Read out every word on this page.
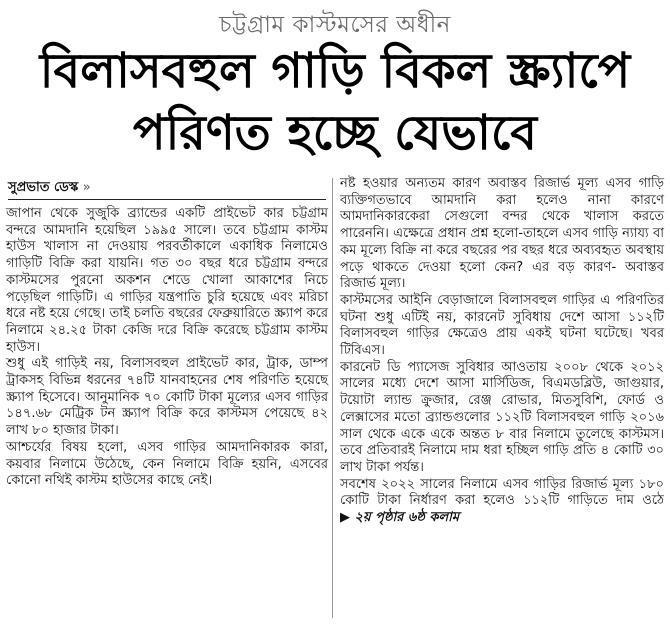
চট্টগ্রাম কাস্টমসের অধীন
বিলাসবহুল গাড়ি বিকল স্ক্র্যাপে
পরিণত হচ্ছে যেভাবে
সুপ্রভাত ডেস্ক »

জাপান থেকে সুজুকি ব্র্যান্ডের একটি প্রাইভেট কার চট্টগ্রাম বন্দরে আমদানি হয়েছিল ১৯৯৫ সালে। তবে চট্টগ্রাম কাস্টম হাউস খালাস না দেওয়ায় পরবর্তীকালে একাধিক নিলামেও গাড়িটি বিক্রি করা যায়নি। গত ৩০ বছর ধরে চট্টগ্রাম বন্দরে কাস্টমসের পুরনো অকশন শেডে খোলা আকাশের নিচে পড়েছিল গাড়িটি। এ গাড়ির যন্ত্রপাতি চুরি হয়েছে এবং মরিচা ধরে নষ্ট হয়ে গেছে। তাই চলতি বছরের ফেব্রুয়ারিতে স্ক্র্যাপ করে নিলামে ২৪.২৫ টাকা কেজি দরে বিক্রি করেছে চট্টগ্রাম কাস্টম হাউস।

শুধু এই গাড়িই নয়, বিলাসবহুল প্রাইভেট কার, ট্রাক, ডাম্প ট্রাকসহ বিভিন্ন ধরনের ৭৪টি যানবাহনের শেষ পরিণতি হয়েছে স্ক্র্যাপ হিসেবে। আনুমানিক ৭০ কোটি টাকা মূল্যের এসব গাড়ির ১৪৭.৬৮ মেট্রিক টন স্ক্র্যাপ বিক্রি করে কাস্টমস পেয়েছে ৪২ লাখ ৮০ হাজার টাকা।

আশ্চর্যের বিষয় হলো, এসব গাড়ির আমদানিকারক কারা, কয়বার নিলামে উঠেছে, কেন নিলামে বিক্রি হয়নি, এসবের কোনো নথিই কাস্টম হাউসের কাছে নেই।

নষ্ট হওয়ার অন্যতম কারণ অবাস্তব রিজার্ভ মূল্য এসব গাড়ি ব্যক্তিগতভাবে আমদানি করা হলেও নানা কারণে আমদানিকারকেরা সেগুলো বন্দর থেকে খালাস করতে পারেননি। এক্ষেত্রে প্রধান প্রশ্ন হলো-তাহলে এসব গাড়ি ন্যায্য বা কম মূল্যে বিক্রি না করে বছরের পর বছর ধরে অব্যবহৃত অবস্থায় পড়ে থাকতে দেওয়া হলো কেন? এর বড় কারণ- অবাস্তব রিজার্ভ মূল্য।

কাস্টমসের আইনি বেড়াজালে বিলাসবহুল গাড়ির এ পরিণতির ঘটনা শুধু এটিই নয়, কারনেট সুবিধায় দেশে আসা ১১২টি বিলাসবহুল গাড়ির ক্ষেত্রেও প্রায় একই ঘটনা ঘটেছে। খবর টিবিএস।

কারনেট ডি প্যাসেজ সুবিধার আওতায় ২০০৮ থেকে ২০১২ সালের মধ্যে দেশে আসা মার্সিডিজ, বিএমডব্লিউ, জাগুয়ার, টয়োটা ল্যান্ড ক্রুজার, রেঞ্জ রোভার, মিতসুবিশি, ফোর্ড ও লেক্সাসের মতো ব্র্যান্ডগুলোর ১১২টি বিলাসবহুল গাড়ি ২০১৬ সাল থেকে একে একে অন্তত ৮ বার নিলামে তুলেছে কাস্টমস। তবে প্রতিবারই নিলামে দাম ধরা হচ্ছিল গাড়ি প্রতি ৪ কোটি ৩০ লাখ টাকা পর্যন্ত।

সবশেষ ২০২২ সালের নিলামে এসব গাড়ির রিজার্ভ মূল্য ১৮০ কোটি টাকা নির্ধারণ করা হলেও ১১২টি গাড়িতে দাম ওঠে ▶ ২য় পৃষ্ঠার ৬ষ্ঠ কলাম
